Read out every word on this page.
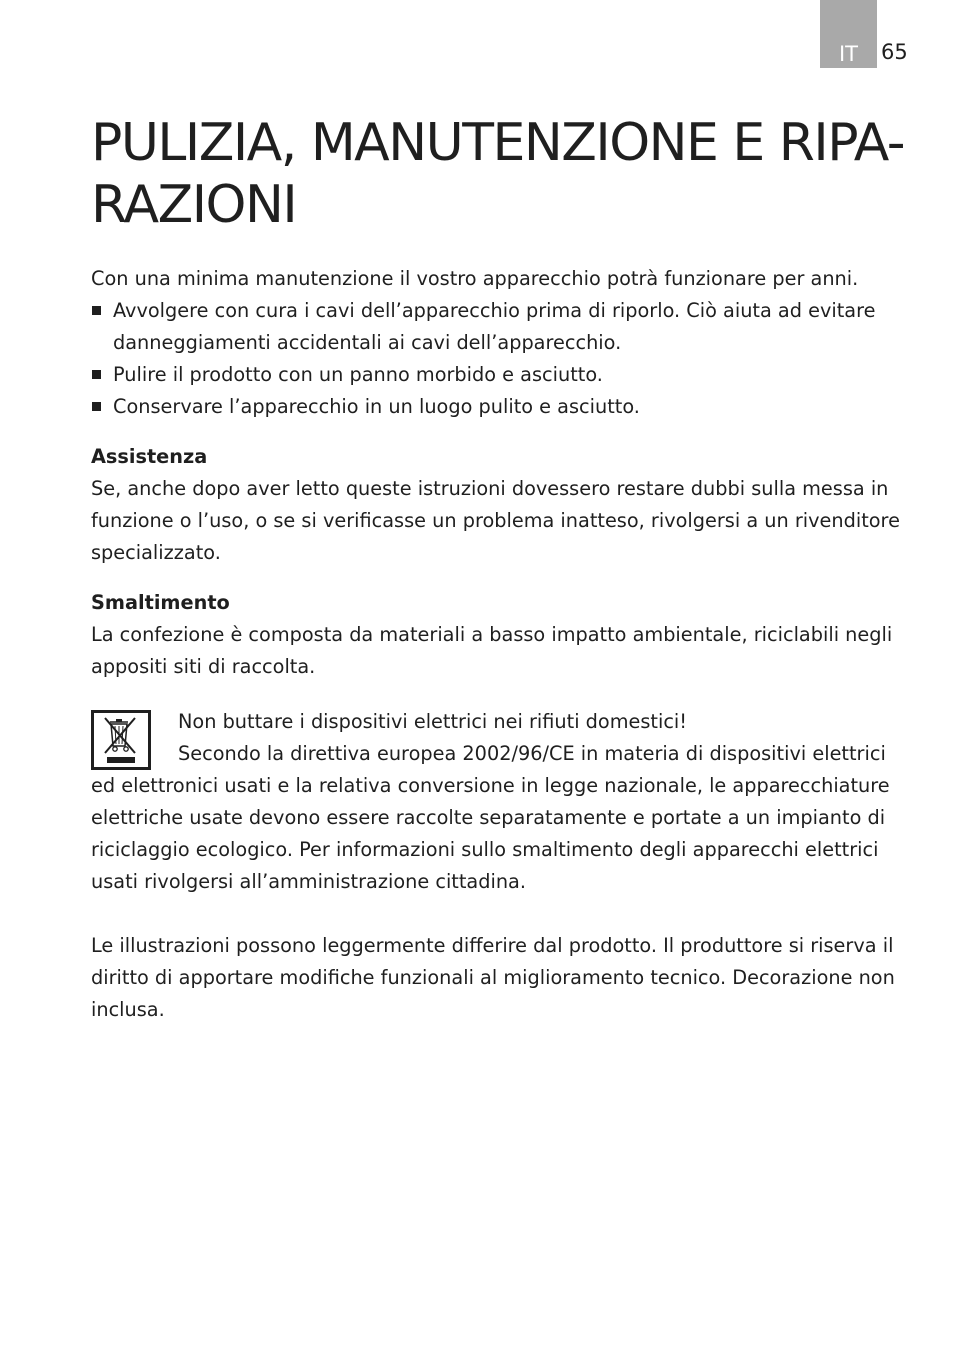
IT 65
PULIZIA, MANUTENZIONE E RIPA-
RAZIONI

Con una minima manutenzione il vostro apparecchio potrà funzionare per anni.

Avvolgere con cura i cavi dell’apparecchio prima di riporlo. Ciò aiuta ad evitare
danneggiamenti accidentali ai cavi dell’apparecchio.
Pulire il prodotto con un panno morbido e asciutto.
Conservare l’apparecchio in un luogo pulito e asciutto.
Assistenza

Se, anche dopo aver letto queste istruzioni dovessero restare dubbi sulla messa in
funzione o l’uso, o se si verificasse un problema inatteso, rivolgersi a un rivenditore
specializzato.

Smaltimento

La confezione è composta da materiali a basso impatto ambientale, riciclabili negli
appositi siti di raccolta.

Non buttare i dispositivi elettrici nei rifiuti domestici!

Secondo la direttiva europea 2002/96/CE in materia di dispositivi elettrici

ed elettronici usati e la relativa conversione in legge nazionale, le apparecchiature
elettriche usate devono essere raccolte separatamente e portate a un impianto di
riciclaggio ecologico. Per informazioni sullo smaltimento degli apparecchi elettrici
usati rivolgersi all’amministrazione cittadina.

Le illustrazioni possono leggermente differire dal prodotto. Il produttore si riserva il
diritto di apportare modifiche funzionali al miglioramento tecnico. Decorazione non
inclusa.
